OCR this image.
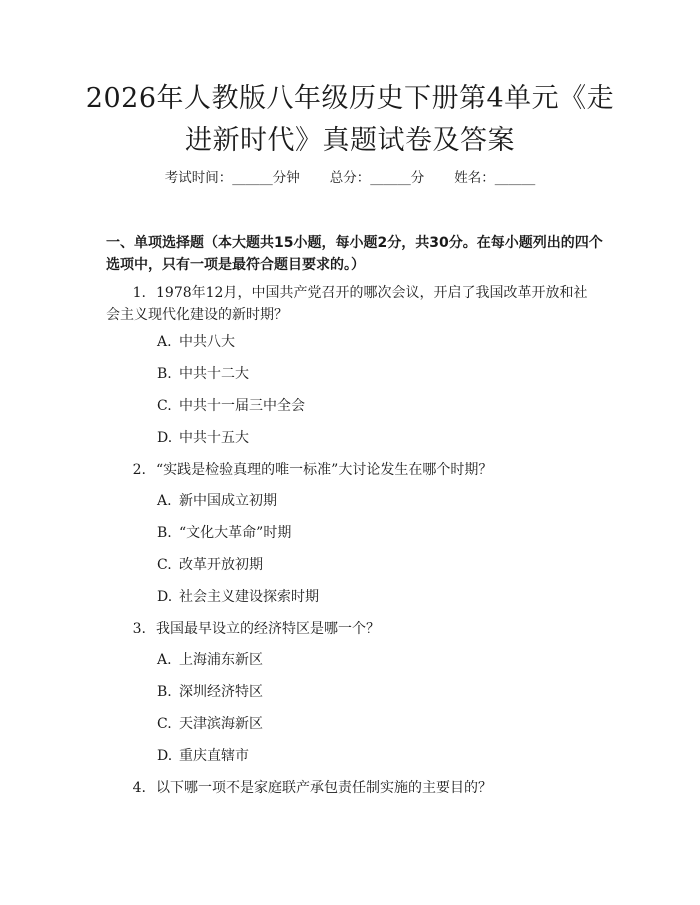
2026年人教版八年级历史下册第4单元《走进新时代》真题试卷及答案
考试时间：______分钟 总分：______分 姓名：______
一、单项选择题（本大题共15小题，每小题2分，共30分。在每小题列出的四个选项中，只有一项是最符合题目要求的。）
1. 1978年12月，中国共产党召开的哪次会议，开启了我国改革开放和社会主义现代化建设的新时期？
A. 中共八大
B. 中共十二大
C. 中共十一届三中全会
D. 中共十五大
2. “实践是检验真理的唯一标准”大讨论发生在哪个时期？
A. 新中国成立初期
B. “文化大革命”时期
C. 改革开放初期
D. 社会主义建设探索时期
3. 我国最早设立的经济特区是哪一个？
A. 上海浦东新区
B. 深圳经济特区
C. 天津滨海新区
D. 重庆直辖市
4. 以下哪一项不是家庭联产承包责任制实施的主要目的？
